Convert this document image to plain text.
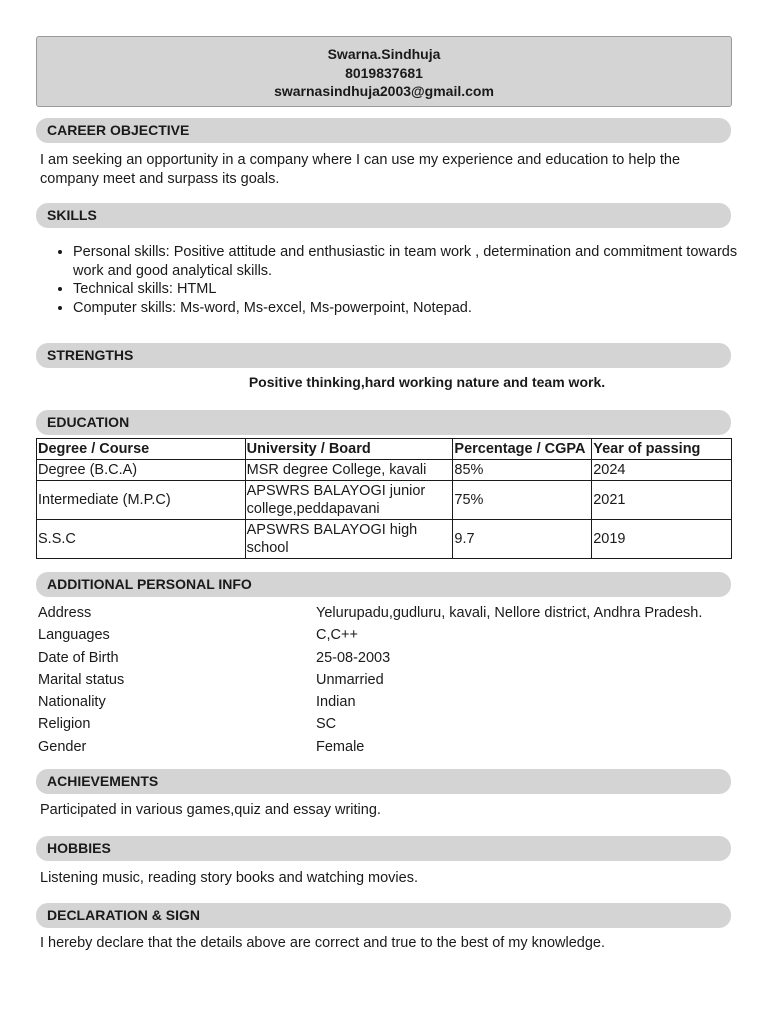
Swarna.Sindhuja
8019837681
swarnasindhuja2003@gmail.com
CAREER OBJECTIVE
I am seeking an opportunity in a company where I can use my experience and education to help the company meet and surpass its goals.
SKILLS
• Personal skills: Positive attitude and enthusiastic in team work , determination and commitment towards work and good analytical skills.
• Technical skills: HTML
• Computer skills: Ms-word, Ms-excel, Ms-powerpoint, Notepad.
STRENGTHS
Positive thinking,hard working nature and team work.
EDUCATION
Degree / Course	University / Board	Percentage / CGPA	Year of passing
Degree (B.C.A)	MSR degree College, kavali	85%	2024
Intermediate (M.P.C)	APSWRS BALAYOGI junior college,peddapavani	75%	2021
S.S.C	APSWRS BALAYOGI high school	9.7	2019
ADDITIONAL PERSONAL INFO
Address	Yelurupadu,gudluru, kavali, Nellore district, Andhra Pradesh.
Languages	C,C++
Date of Birth	25-08-2003
Marital status	Unmarried
Nationality	Indian
Religion	SC
Gender	Female
ACHIEVEMENTS
Participated in various games,quiz and essay writing.
HOBBIES
Listening music, reading story books and watching movies.
DECLARATION & SIGN
I hereby declare that the details above are correct and true to the best of my knowledge.
